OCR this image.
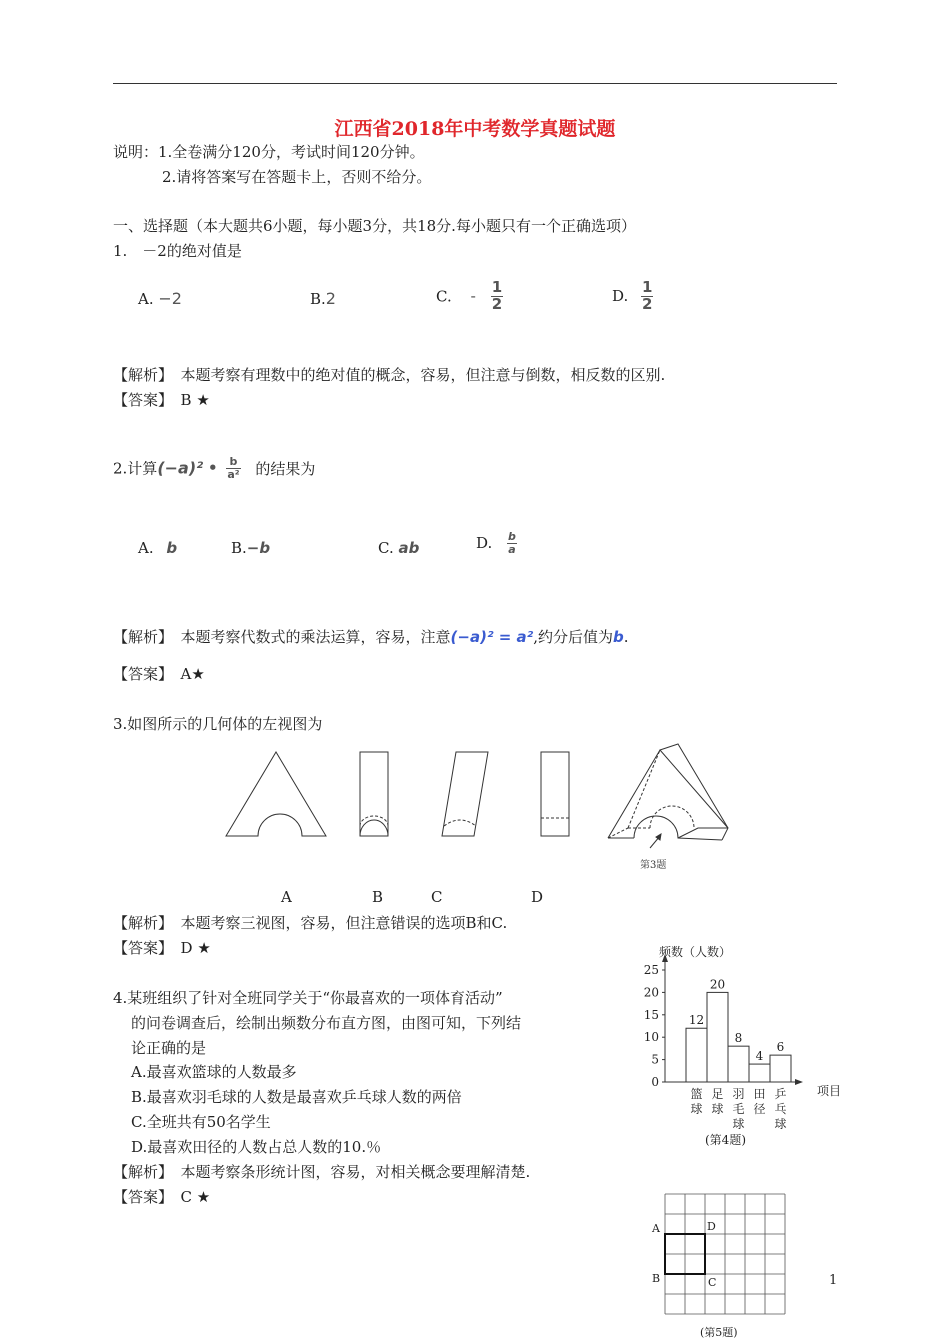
江西省2018年中考数学真题试题
说明：1.全卷满分120分，考试时间120分钟。
2.请将答案写在答题卡上，否则不给分。
一、选择题（本大题共6小题，每小题3分，共18分.每小题只有一个正确选项）
1.　－2的绝对值是
A. −2	B.2	C. - $\frac{1}{2}$	D. $\frac{1}{2}$
【解析】　 本题考察有理数中的绝对值的概念，容易，但注意与倒数，相反数的区别.
【答案】　 B ★
2.计算(−a)² • $\frac{b}{\text{a²}}$ 的结果为
A. b	B.−b	C. ab	D. $\frac{b}{a}$
【解析】　 本题考察代数式的乘法运算，容易，注意(−a)² = a²,约分后值为b.
【答案】　 A★
3.如图所示的几何体的左视图为
第3题
A	B	C	D
【解析】　 本题考察三视图，容易，但注意错误的选项B和C.
【答案】　 D ★
4.某班组织了针对全班同学关于“你最喜欢的一项体育活动”
的问卷调查后，绘制出频数分布直方图，由图可知，下列结
论正确的是
A.最喜欢篮球的人数最多
B.最喜欢羽毛球的人数是最喜欢乒乓球人数的两倍
C.全班共有50名学生
D.最喜欢田径的人数占总人数的10.％
【解析】　 本题考察条形统计图，容易，对相关概念要理解清楚.
【答案】　 C ★
0
5
10
15
20
25
频数（人数）
项目
12
篮
球
20
足
球
8
羽
毛
球
4
田
径
6
乒
乓
球
(第4题)
A	D
B	C
(第5题)
1
